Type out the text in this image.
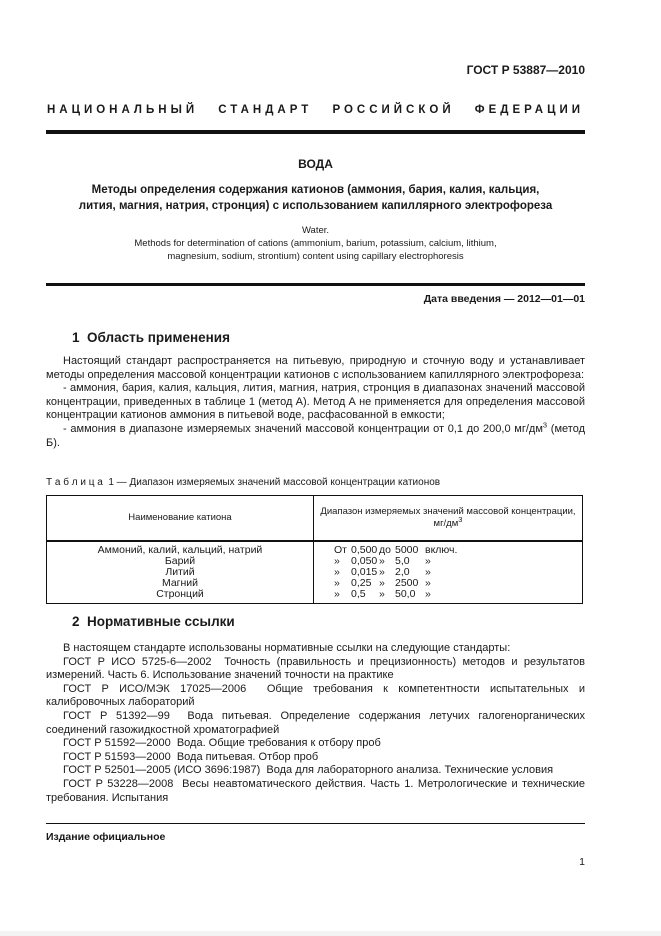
ГОСТ Р 53887—2010
НАЦИОНАЛЬНЫЙ СТАНДАРТ РОССИЙСКОЙ ФЕДЕРАЦИИ
ВОДА
Методы определения содержания катионов (аммония, бария, калия, кальция, лития, магния, натрия, стронция) с использованием капиллярного электрофореза
Water.
Methods for determination of cations (ammonium, barium, potassium, calcium, lithium,
magnesium, sodium, strontium) content using capillary electrophoresis
Дата введения — 2012—01—01
1  Область применения

Настоящий стандарт распространяется на питьевую, природную и сточную воду и устанавливает методы определения массовой концентрации катионов с использованием капиллярного электрофореза:

- аммония, бария, калия, кальция, лития, магния, натрия, стронция в диапазонах значений массовой концентрации, приведенных в таблице 1 (метод А). Метод А не применяется для определения массовой концентрации катионов аммония в питьевой воде, расфасованной в емкости;

- аммония в диапазоне измеряемых значений массовой концентрации от 0,1 до 200,0 $мг/дм^3$ (метод Б).

Т а б л и ц а  1 — Диапазон измеряемых значений массовой концентрации катионов
Наименование катиона	Диапазон измеряемых значений массовой концентрации,
$мг/дм^3$
Аммоний, калий, кальций, натрий	От 0,500 до 5000 включ.
Барий	» 0,050 » 5,0 »
Литий	» 0,015 » 2,0 »
Магний	» 0,25 » 2500 »
Стронций	» 0,5 » 50,0 »
2  Нормативные ссылки

В настоящем стандарте использованы нормативные ссылки на следующие стандарты:

ГОСТ Р ИСО 5725-6—2002  Точность (правильность и прецизионность) методов и результатов измерений. Часть 6. Использование значений точности на практике

ГОСТ Р ИСО/МЭК 17025—2006  Общие требования к компетентности испытательных и калибровочных лабораторий

ГОСТ Р 51392—99  Вода питьевая. Определение содержания летучих галогенорганических соединений газожидкостной хроматографией

ГОСТ Р 51592—2000  Вода. Общие требования к отбору проб

ГОСТ Р 51593—2000  Вода питьевая. Отбор проб

ГОСТ Р 52501—2005 (ИСО 3696:1987)  Вода для лабораторного анализа. Технические условия

ГОСТ Р 53228—2008  Весы неавтоматического действия. Часть 1. Метрологические и технические требования. Испытания

Издание официальное
1
